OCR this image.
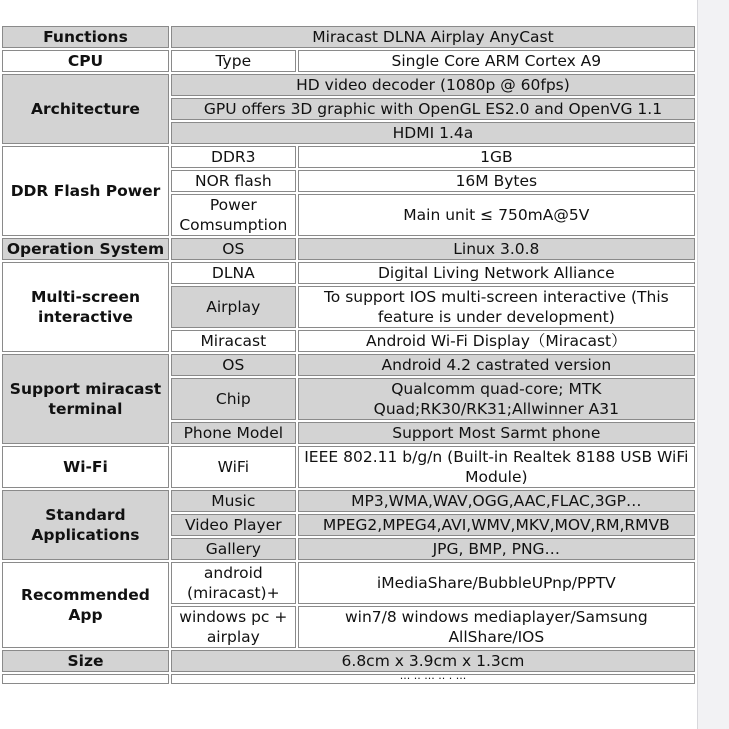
Functions	Miracast DLNA Airplay AnyCast	
CPU	Type	Single Core ARM Cortex A9
Architecture	HD video decoder (1080p @ 60fps)	
	GPU offers 3D graphic with OpenGL ES2.0 and OpenVG 1.1	
	HDMI 1.4a	
DDR Flash Power	DDR3	1GB
	NOR flash	16M Bytes
	Power Comsumption	Main unit ≤ 750mA@5V
Operation System	OS	Linux 3.0.8
Multi-screen interactive	DLNA	Digital Living Network Alliance
	Airplay	To support IOS multi-screen interactive (This feature is under development)
	Miracast	Android Wi-Fi Display（Miracast）
Support miracast terminal	OS	Android 4.2 castrated version
	Chip	Qualcomm quad-core; MTK Quad;RK30/RK31;Allwinner A31
	Phone Model	Support Most Sarmt phone
Wi-Fi	WiFi	IEEE 802.11 b/g/n (Built-in Realtek 8188 USB WiFi Module)
Standard Applications	Music	MP3,WMA,WAV,OGG,AAC,FLAC,3GP…
	Video Player	MPEG2,MPEG4,AVI,WMV,MKV,MOV,RM,RMVB
	Gallery	JPG, BMP, PNG…
Recommended App	android (miracast)+	iMediaShare/BubbleUPnp/PPTV
	windows pc + airplay	win7/8 windows mediaplayer/Samsung AllShare/IOS
Size	6.8cm x 3.9cm x 1.3cm	
	··· ·· ··· ·· · ···	
